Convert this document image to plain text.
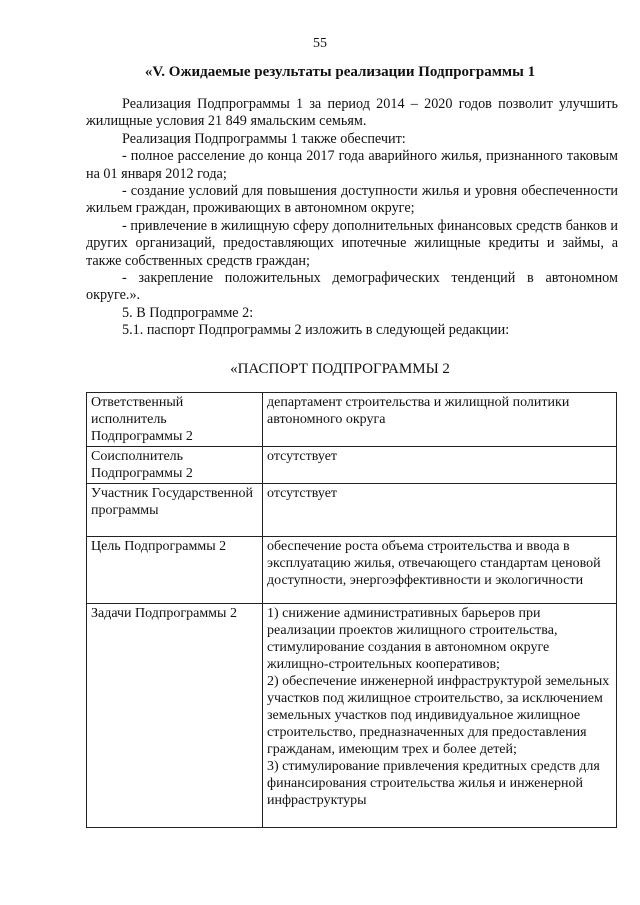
55
«V. Ожидаемые результаты реализации Подпрограммы 1

Реализация Подпрограммы 1 за период 2014 – 2020 годов позволит улучшить жилищные условия 21 849 ямальским семьям.

Реализация Подпрограммы 1 также обеспечит:

- полное расселение до конца 2017 года аварийного жилья, признанного таковым на 01 января 2012 года;

- создание условий для повышения доступности жилья и уровня обеспеченности жильем граждан, проживающих в автономном округе;

- привлечение в жилищную сферу дополнительных финансовых средств банков и других организаций, предоставляющих ипотечные жилищные кредиты и займы, а также собственных средств граждан;

- закрепление положительных демографических тенденций в автономном округе.».

5. В Подпрограмме 2:

5.1. паспорт Подпрограммы 2 изложить в следующей редакции:

«ПАСПОРТ ПОДПРОГРАММЫ 2
Ответственный исполнитель Подпрограммы 2	департамент строительства и жилищной политики автономного округа
Соисполнитель Подпрограммы 2	отсутствует
Участник Государственной программы	отсутствует
Цель Подпрограммы 2	обеспечение роста объема строительства и ввода в эксплуатацию жилья, отвечающего стандартам ценовой доступности, энергоэффективности и экологичности
Задачи Подпрограммы 2	1) снижение административных барьеров при реализации проектов жилищного строительства, стимулирование создания в автономном округе жилищно-строительных кооперативов;
2) обеспечение инженерной инфраструктурой земельных участков под жилищное строительство, за исключением земельных участков под индивидуальное жилищное строительство, предназначенных для предоставления гражданам, имеющим трех и более детей;
3) стимулирование привлечения кредитных средств для финансирования строительства жилья и инженерной инфраструктуры
